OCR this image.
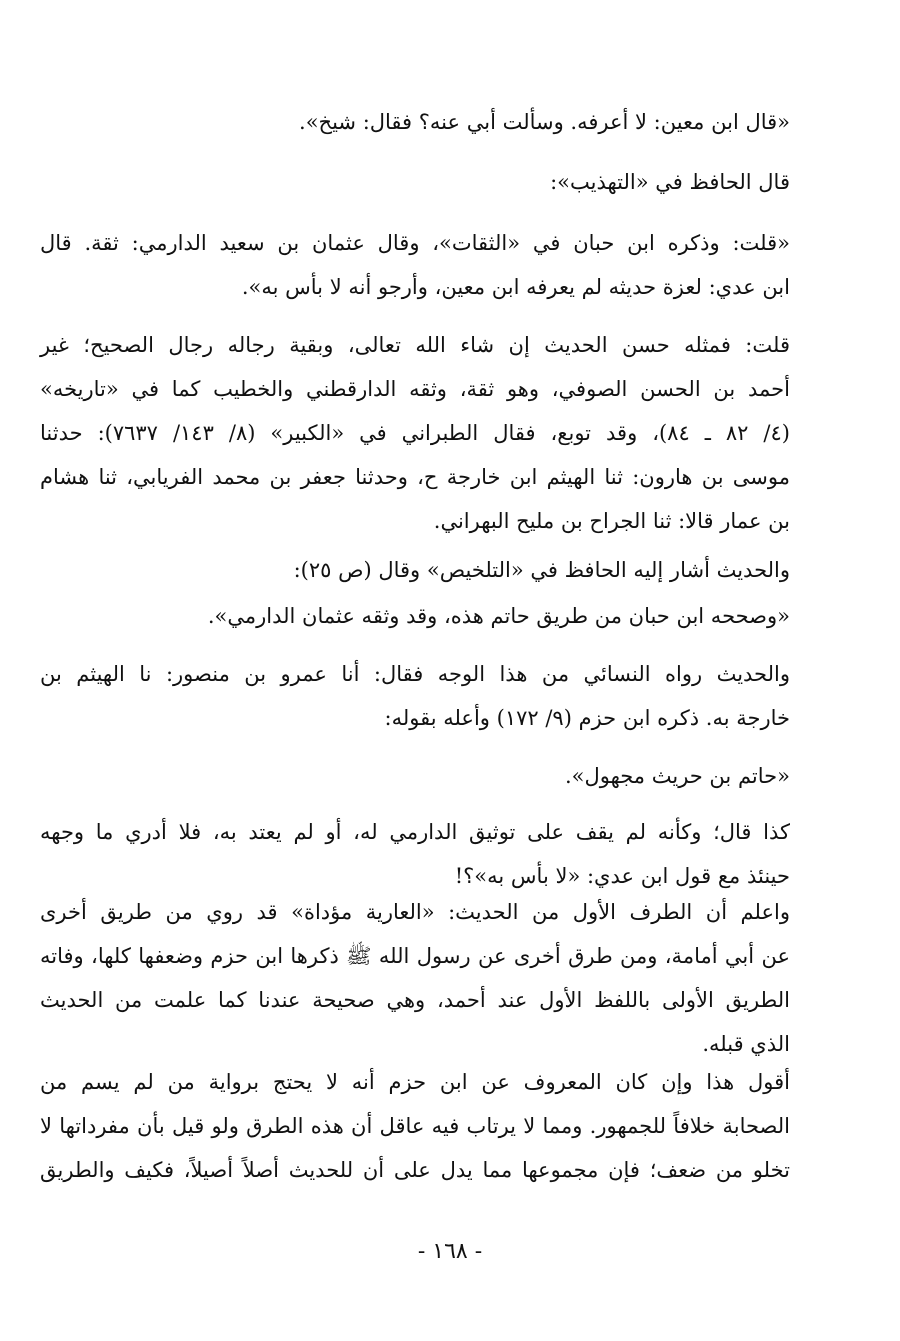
«قال ابن معين: لا أعرفه. وسألت أبي عنه؟ فقال: شيخ».
قال الحافظ في «التهذيب»:
«قلت: وذكره ابن حبان في «الثقات»، وقال عثمان بن سعيد الدارمي: ثقة. قال
ابن عدي: لعزة حديثه لم يعرفه ابن معين، وأرجو أنه لا بأس به».
قلت: فمثله حسن الحديث إن شاء الله تعالى، وبقية رجاله رجال الصحيح؛ غير
أحمد بن الحسن الصوفي، وهو ثقة، وثقه الدارقطني والخطيب كما في «تاريخه»
(٤/ ٨٢ ـ ٨٤)، وقد توبع، فقال الطبراني في «الكبير» (٨/ ١٤٣/ ٧٦٣٧): حدثنا
موسى بن هارون: ثنا الهيثم ابن خارجة ح، وحدثنا جعفر بن محمد الفريابي، ثنا هشام
بن عمار قالا: ثنا الجراح بن مليح البهراني.
والحديث أشار إليه الحافظ في «التلخيص» وقال (ص ٢٥):
«وصححه ابن حبان من طريق حاتم هذه، وقد وثقه عثمان الدارمي».
والحديث رواه النسائي من هذا الوجه فقال: أنا عمرو بن منصور: نا الهيثم بن
خارجة به. ذكره ابن حزم (٩/ ١٧٢) وأعله بقوله:
«حاتم بن حريث مجهول».
كذا قال؛ وكأنه لم يقف على توثيق الدارمي له، أو لم يعتد به، فلا أدري ما وجهه
حينئذ مع قول ابن عدي: «لا بأس به»؟!
واعلم أن الطرف الأول من الحديث: «العارية مؤداة» قد روي من طريق أخرى
عن أبي أمامة، ومن طرق أخرى عن رسول الله ﷺ ذكرها ابن حزم وضعفها كلها، وفاته
الطريق الأولى باللفظ الأول عند أحمد، وهي صحيحة عندنا كما علمت من الحديث
الذي قبله.
أقول هذا وإن كان المعروف عن ابن حزم أنه لا يحتج برواية من لم يسم من
الصحابة خلافاً للجمهور. ومما لا يرتاب فيه عاقل أن هذه الطرق ولو قيل بأن مفرداتها لا
تخلو من ضعف؛ فإن مجموعها مما يدل على أن للحديث أصلاً أصيلاً، فكيف والطريق
- ١٦٨ -
